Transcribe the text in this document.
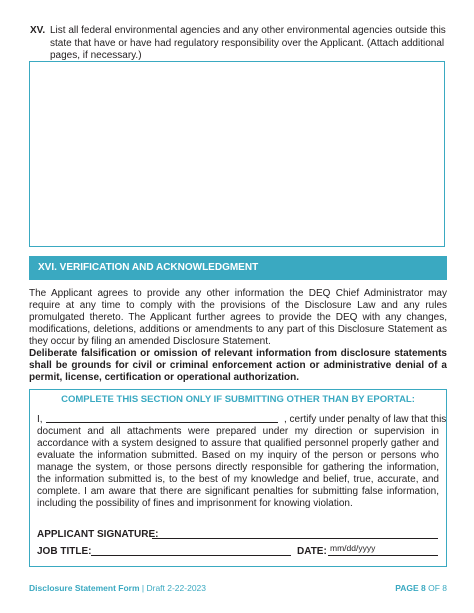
XV. List all federal environmental agencies and any other environmental agencies outside this state that have or have had regulatory responsibility over the Applicant. (Attach additional pages, if necessary.)
XVI. VERIFICATION AND ACKNOWLEDGMENT
The Applicant agrees to provide any other information the DEQ Chief Administrator may require at any time to comply with the provisions of the Disclosure Law and any rules promulgated thereto. The Applicant further agrees to provide the DEQ with any changes, modifications, deletions, additions or amendments to any part of this Disclosure Statement as they occur by filing an amended Disclosure Statement.
Deliberate falsification or omission of relevant information from disclosure statements shall be grounds for civil or criminal enforcement action or administrative denial of a permit, license, certification or operational authorization.
COMPLETE THIS SECTION ONLY IF SUBMITTING OTHER THAN BY EPORTAL:
I,	, certify under penalty of law that this
document and all attachments were prepared under my direction or supervision in accordance with a system designed to assure that qualified personnel properly gather and evaluate the information submitted. Based on my inquiry of the person or persons who manage the system, or those persons directly responsible for gathering the information, the information submitted is, to the best of my knowledge and belief, true, accurate, and complete. I am aware that there are significant penalties for submitting false information, including the possibility of fines and imprisonment for knowing violation.
APPLICANT SIGNATURE:
JOB TITLE:	DATE: mm/dd/yyyy
Disclosure Statement Form | Draft 2-22-2023	PAGE 8 OF 8
